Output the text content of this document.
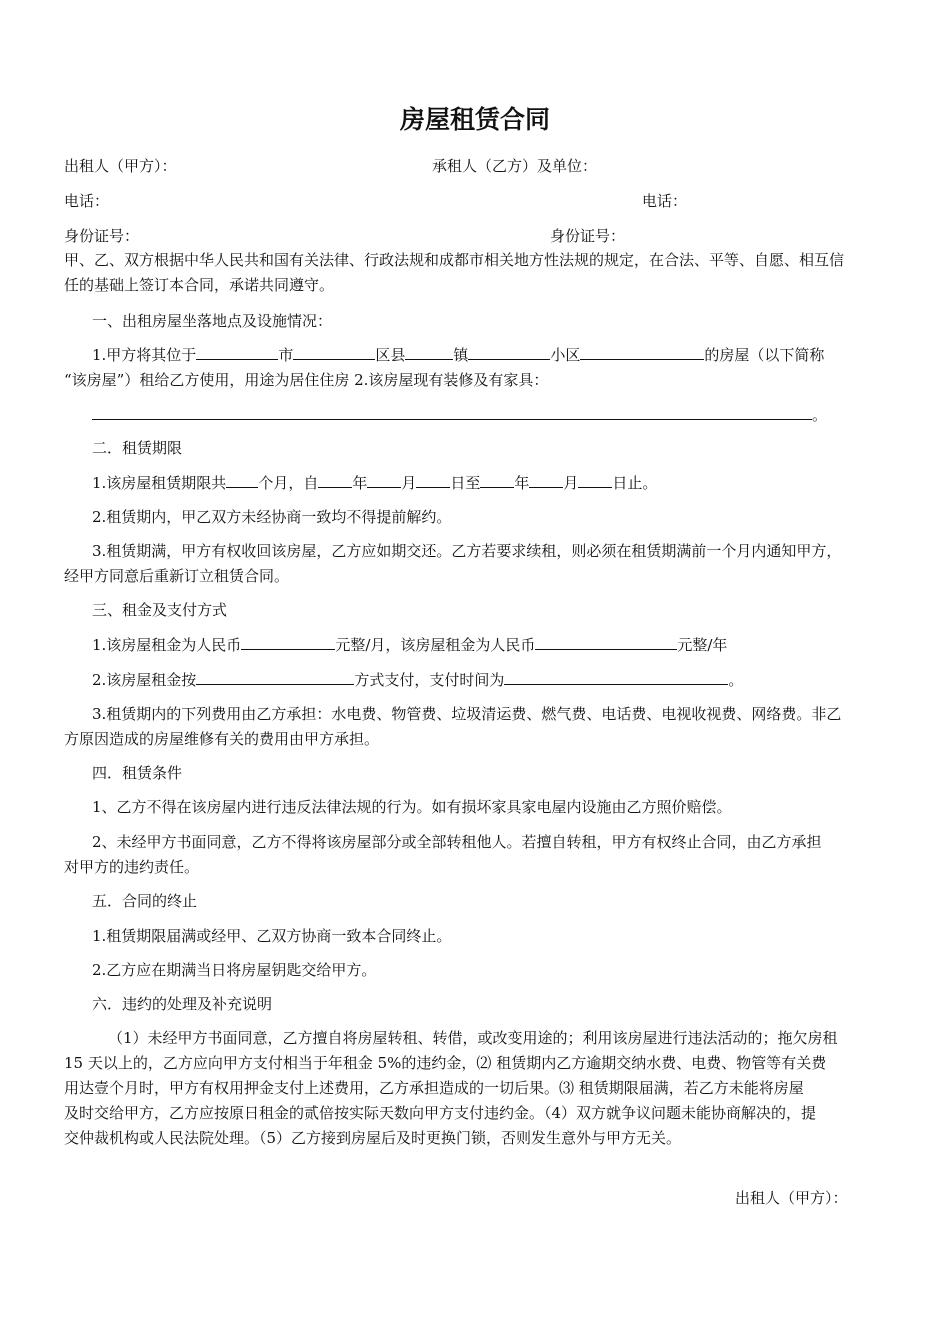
房屋租赁合同
出租人（甲方）：	承租人（乙方）及单位：
电话：	电话：
身份证号：	身份证号：
甲、乙、双方根据中华人民共和国有关法律、行政法规和成都市相关地方性法规的规定，在合法、平等、自愿、相互信
任的基础上签订本合同，承诺共同遵守。
一、出租房屋坐落地点及设施情况：
1.甲方将其位于	市	区县	镇	小区	的房屋（以下简称
“该房屋”）租给乙方使用，用途为居住住房 2.该房屋现有装修及有家具：
。
二．租赁期限
1.该房屋租赁期限共 个月，自 年 月 日至 年 月 日止。
2.租赁期内，甲乙双方未经协商一致均不得提前解约。
3.租赁期满，甲方有权收回该房屋，乙方应如期交还。乙方若要求续租，则必须在租赁期满前一个月内通知甲方，
经甲方同意后重新订立租赁合同。
三、租金及支付方式
1.该房屋租金为人民币	元整/月，该房屋租金为人民币	元整/年
2.该房屋租金按	方式支付，支付时间为	。
3.租赁期内的下列费用由乙方承担：水电费、物管费、垃圾清运费、燃气费、电话费、电视收视费、网络费。非乙
方原因造成的房屋维修有关的费用由甲方承担。
四．租赁条件
1、乙方不得在该房屋内进行违反法律法规的行为。如有损坏家具家电屋内设施由乙方照价赔偿。
2、未经甲方书面同意，乙方不得将该房屋部分或全部转租他人。若擅自转租，甲方有权终止合同，由乙方承担
对甲方的违约责任。
五．合同的终止
1.租赁期限届满或经甲、乙双方协商一致本合同终止。
2.乙方应在期满当日将房屋钥匙交给甲方。
六．违约的处理及补充说明
（1）未经甲方书面同意，乙方擅自将房屋转租、转借，或改变用途的；利用该房屋进行违法活动的；拖欠房租
15 天以上的，乙方应向甲方支付相当于年租金 5%的违约金，⑵ 租赁期内乙方逾期交纳水费、电费、物管等有关费
用达壹个月时，甲方有权用押金支付上述费用，乙方承担造成的一切后果。⑶ 租赁期限届满，若乙方未能将房屋
及时交给甲方，乙方应按原日租金的贰倍按实际天数向甲方支付违约金。（4）双方就争议问题未能协商解决的，提
交仲裁机构或人民法院处理。（5）乙方接到房屋后及时更换门锁，否则发生意外与甲方无关。
出租人（甲方）：
